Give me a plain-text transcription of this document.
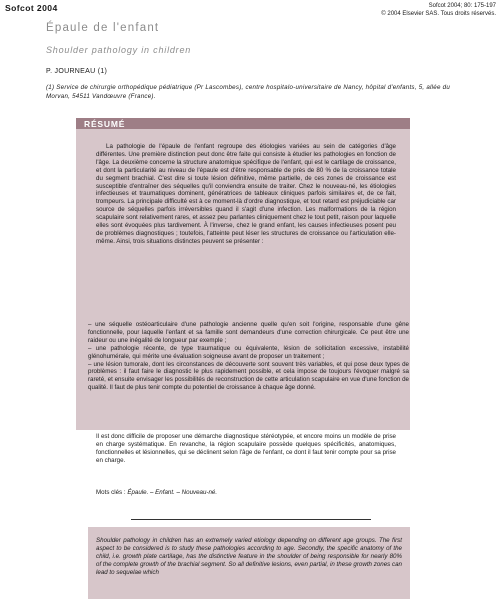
Sofcot 2004	Sofcot 2004; 80: 175-197
© 2004 Elsevier SAS. Tous droits réservés.
Épaule de l'enfant
Shoulder pathology in children
P. JOURNEAU (1)
(1) Service de chirurgie orthopédique pédiatrique (Pr Lascombes), centre hospitalo-universitaire de Nancy, hôpital d'enfants, 5, allée du Morvan, 54511 Vandœuvre (France).
RÉSUMÉ

La pathologie de l'épaule de l'enfant regroupe des étiologies variées au sein de catégories d'âge différentes. Une première distinction peut donc être faite qui consiste à étudier les pathologies en fonction de l'âge. La deuxième concerne la structure anatomique spécifique de l'enfant, qui est le cartilage de croissance, et dont la particularité au niveau de l'épaule est d'être responsable de près de 80 % de la croissance totale du segment brachial. C'est dire si toute lésion définitive, même partielle, de ces zones de croissance est susceptible d'entraîner des séquelles qu'il conviendra ensuite de traiter. Chez le nouveau-né, les étiologies infectieuses et traumatiques dominent, génératrices de tableaux cliniques parfois similaires et, de ce fait, trompeurs. La principale difficulté est à ce moment-là d'ordre diagnostique, et tout retard est préjudiciable car source de séquelles parfois irréversibles quand il s'agit d'une infection. Les malformations de la région scapulaire sont relativement rares, et assez peu parlantes cliniquement chez le tout petit, raison pour laquelle elles sont évoquées plus tardivement. À l'inverse, chez le grand enfant, les causes infectieuses posent peu de problèmes diagnostiques ; toutefois, l'atteinte peut léser les structures de croissance ou l'articulation elle-même. Ainsi, trois situations distinctes peuvent se présenter :

– une séquelle ostéoarticulaire d'une pathologie ancienne quelle qu'en soit l'origine, responsable d'une gêne fonctionnelle, pour laquelle l'enfant et sa famille sont demandeurs d'une correction chirurgicale. Ce peut être une raideur ou une inégalité de longueur par exemple ;

– une pathologie récente, de type traumatique ou équivalente, lésion de sollicitation excessive, instabilité glénohumérale, qui mérite une évaluation soigneuse avant de proposer un traitement ;

– une lésion tumorale, dont les circonstances de découverte sont souvent très variables, et qui pose deux types de problèmes : il faut faire le diagnostic le plus rapidement possible, et cela impose de toujours l'évoquer malgré sa rareté, et ensuite envisager les possibilités de reconstruction de cette articulation scapulaire en vue d'une fonction de qualité. Il faut de plus tenir compte du potentiel de croissance à chaque âge donné.

Il est donc difficile de proposer une démarche diagnostique stéréotypée, et encore moins un modèle de prise en charge systématique. En revanche, la région scapulaire possède quelques spécificités, anatomiques, fonctionnelles et lésionnelles, qui se déclinent selon l'âge de l'enfant, ce dont il faut tenir compte pour sa prise en charge.

Mots clés : Épaule. – Enfant. – Nouveau-né.

Shoulder pathology in children has an extremely varied etiology depending on different age groups. The first aspect to be considered is to study these pathologies according to age. Secondly, the specific anatomy of the child, i.e. growth plate cartilage, has the distinctive feature in the shoulder of being responsible for nearly 80% of the complete growth of the brachial segment. So all definitive lesions, even partial, in these growth zones can lead to sequelae which
